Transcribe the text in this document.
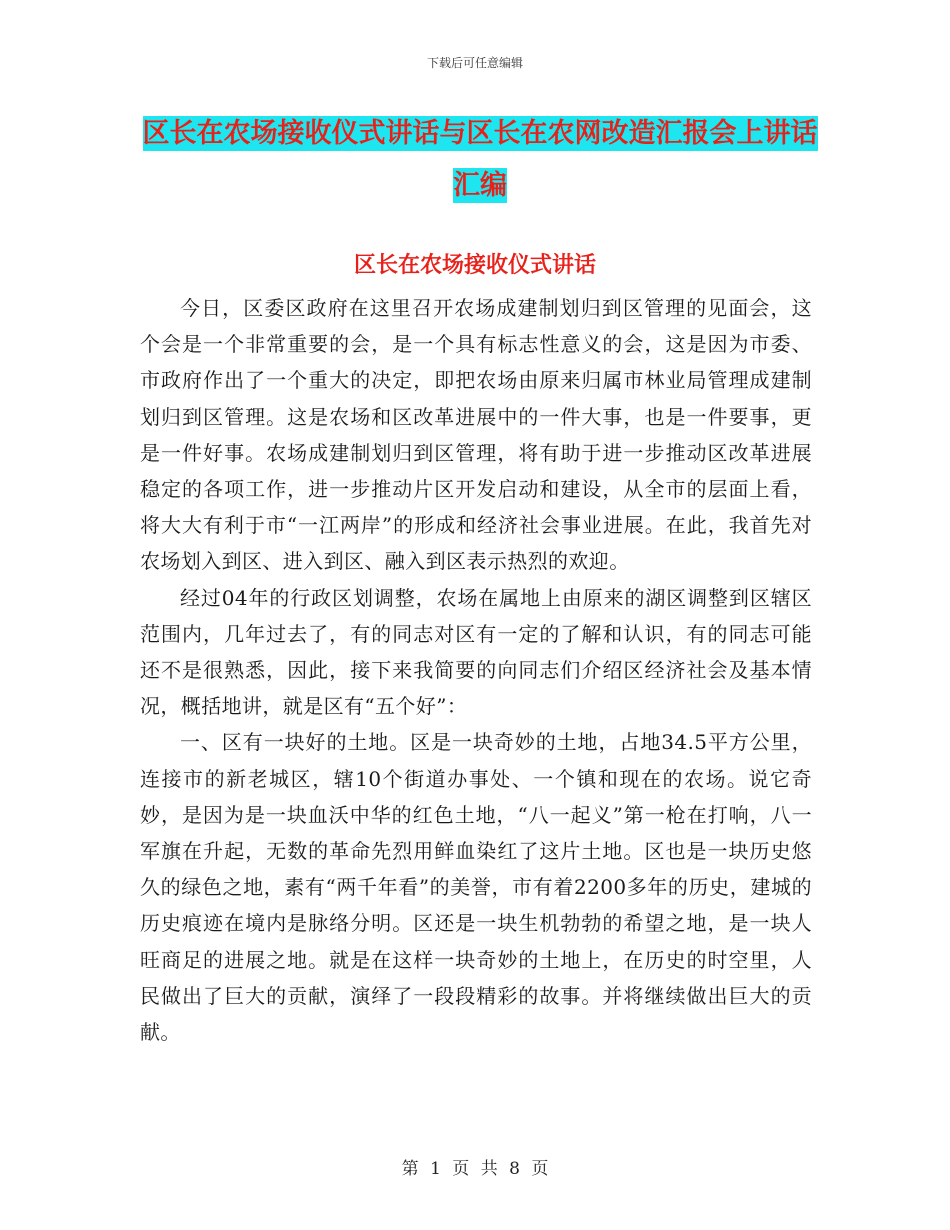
下载后可任意编辑
区长在农场接收仪式讲话与区长在农网改造汇报会上讲话汇编
区长在农场接收仪式讲话

今日，区委区政府在这里召开农场成建制划归到区管理的见面会，这个会是一个非常重要的会，是一个具有标志性意义的会，这是因为市委、市政府作出了一个重大的决定，即把农场由原来归属市林业局管理成建制划归到区管理。这是农场和区改革进展中的一件大事，也是一件要事，更是一件好事。农场成建制划归到区管理，将有助于进一步推动区改革进展稳定的各项工作，进一步推动片区开发启动和建设，从全市的层面上看，将大大有利于市“一江两岸”的形成和经济社会事业进展。在此，我首先对农场划入到区、进入到区、融入到区表示热烈的欢迎。

经过04年的行政区划调整，农场在属地上由原来的湖区调整到区辖区范围内，几年过去了，有的同志对区有一定的了解和认识，有的同志可能还不是很熟悉，因此，接下来我简要的向同志们介绍区经济社会及基本情况，概括地讲，就是区有“五个好”：

一、区有一块好的土地。区是一块奇妙的土地，占地34.5平方公里，连接市的新老城区，辖10个街道办事处、一个镇和现在的农场。说它奇妙，是因为是一块血沃中华的红色土地，“八一起义”第一枪在打响，八一军旗在升起，无数的革命先烈用鲜血染红了这片土地。区也是一块历史悠久的绿色之地，素有“两千年看”的美誉，市有着2200多年的历史，建城的历史痕迹在境内是脉络分明。区还是一块生机勃勃的希望之地，是一块人旺商足的进展之地。就是在这样一块奇妙的土地上，在历史的时空里，人民做出了巨大的贡献，演绎了一段段精彩的故事。并将继续做出巨大的贡献。

第 1 页 共 8 页
